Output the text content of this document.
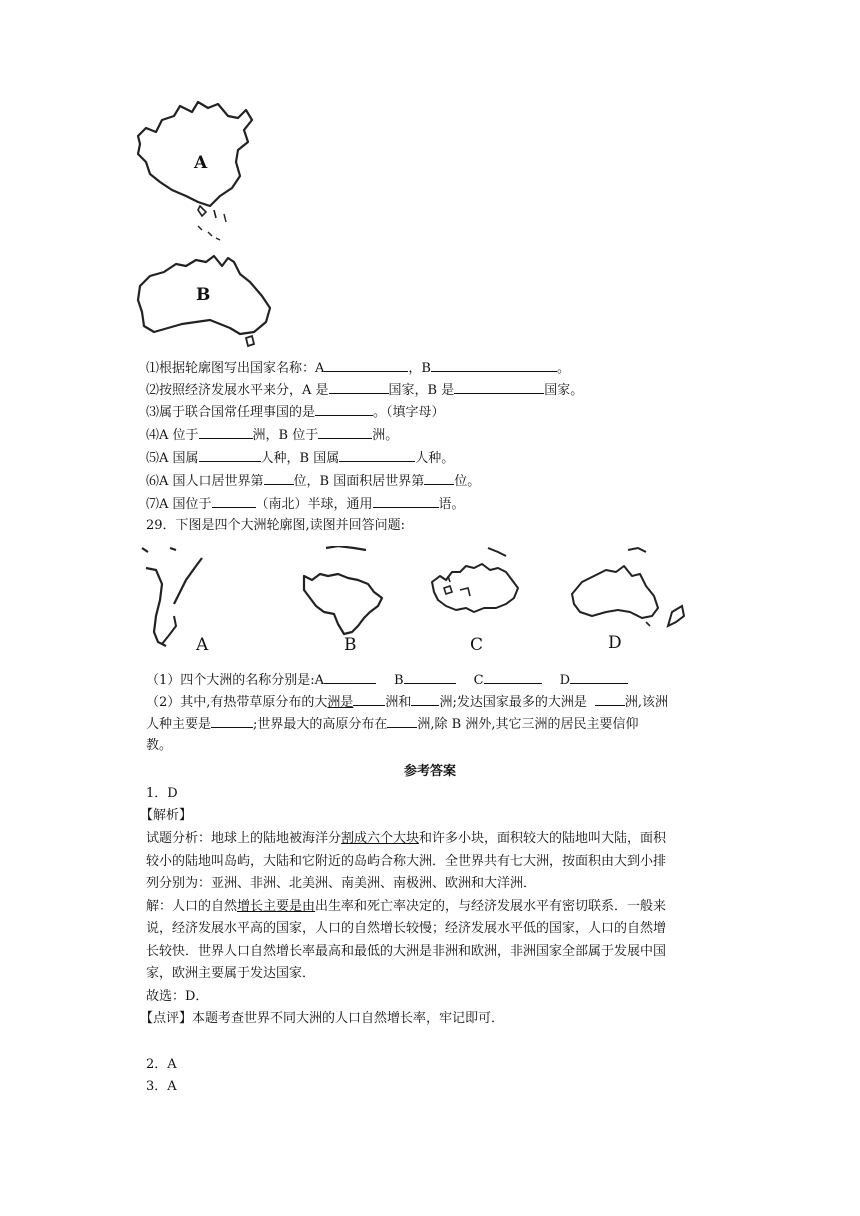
A
B
⑴根据轮廓图写出国家名称：A	，B	。
⑵按照经济发展水平来分，A 是	国家，B 是	国家。
⑶属于联合国常任理事国的是	。（填字母）
⑷A 位于	洲，B 位于	洲。
⑸A 国属	人种，B 国属	人种。
⑹A 国人口居世界第 位，B 国面积居世界第 位。
⑺A 国位于	（南北）半球，通用	语。
29．下图是四个大洲轮廓图,读图并回答问题:
A	B	C	D
（1）四个大洲的名称分别是:A	B	C	D
（2）其中,有热带草原分布的大洲是 洲和 洲;发达国家最多的大洲是	洲,该洲
人种主要是	;世界最大的高原分布在 洲,除 B 洲外,其它三洲的居民主要信仰
教。
参考答案
1．D
【解析】
试题分析：地球上的陆地被海洋分割成六个大块和许多小块，面积较大的陆地叫大陆，面积
较小的陆地叫岛屿，大陆和它附近的岛屿合称大洲．全世界共有七大洲，按面积由大到小排
列分别为：亚洲、非洲、北美洲、南美洲、南极洲、欧洲和大洋洲．
解：人口的自然增长主要是由出生率和死亡率决定的，与经济发展水平有密切联系．一般来
说，经济发展水平高的国家，人口的自然增长较慢；经济发展水平低的国家，人口的自然增
长较快．世界人口自然增长率最高和最低的大洲是非洲和欧洲，非洲国家全部属于发展中国
家，欧洲主要属于发达国家．
故选：D．
【点评】本题考查世界不同大洲的人口自然增长率，牢记即可．
2．A
3．A
